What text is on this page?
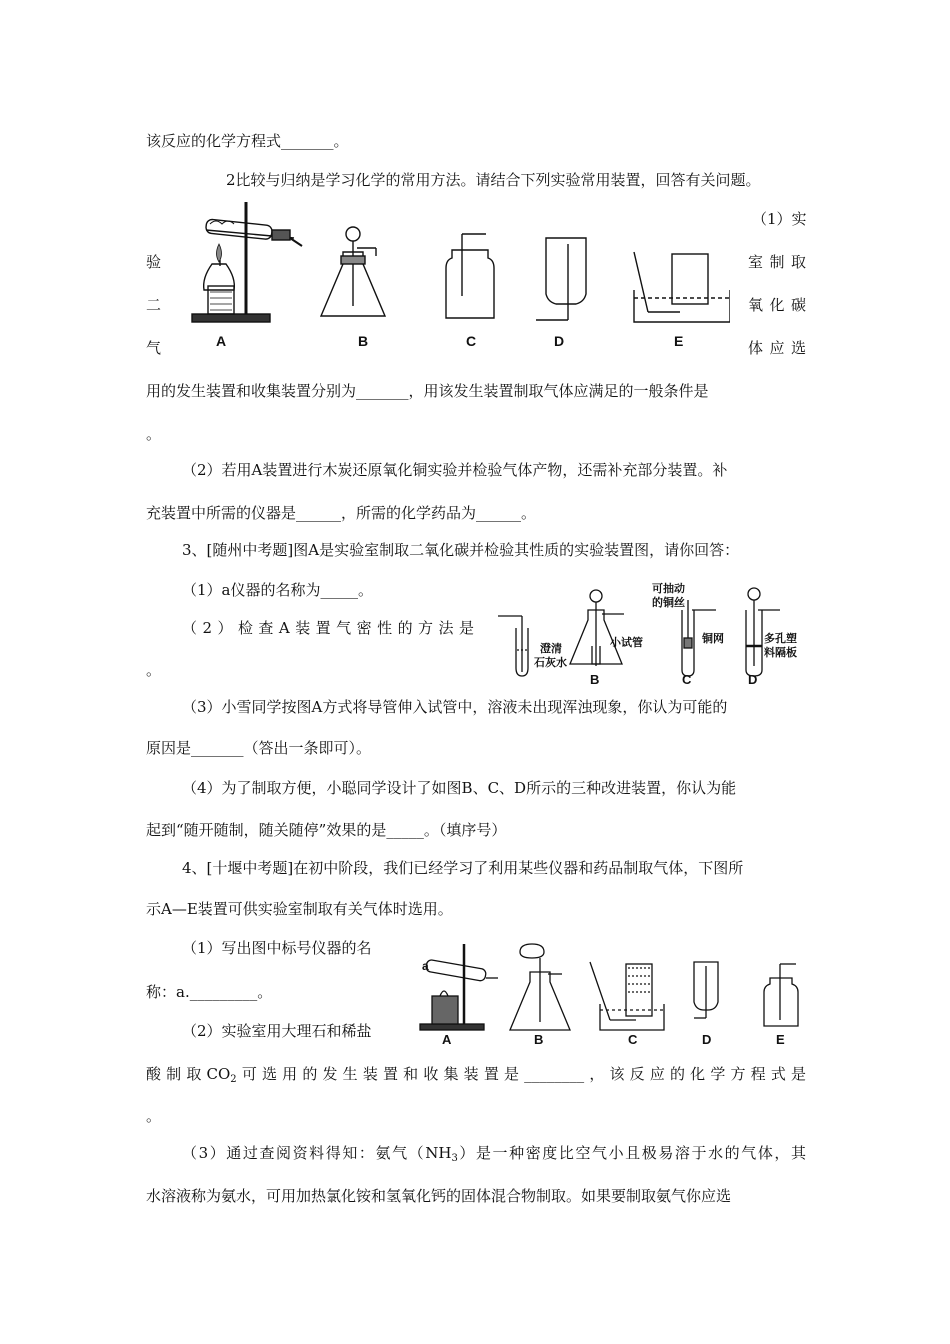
该反应的化学方程式_______。
2比较与归纳是学习化学的常用方法。请结合下列实验常用装置，回答有关问题。
（1）实
验	室制取
二	氧化碳
气	体应选
用的发生装置和收集装置分别为_______，用该发生装置制取气体应满足的一般条件是
。
（2）若用A装置进行木炭还原氧化铜实验并检验气体产物，还需补充部分装置。补
充装置中所需的仪器是______，所需的化学药品为______。
A	B	C	D	E
3、[随州中考题]图A是实验室制取二氧化碳并检验其性质的实验装置图，请你回答：
（1）a仪器的名称为_____。
（2）检查A装置气密性的方法是
。
（3）小雪同学按图A方式将导管伸入试管中，溶液未出现浑浊现象，你认为可能的
原因是_______（答出一条即可）。
（4）为了制取方便，小聪同学设计了如图B、C、D所示的三种改进装置，你认为能
起到“随开随制，随关随停”效果的是_____。（填序号）
澄清
石灰水
小试管
B
可抽动
的铜丝
铜网
C
多孔塑
料隔板
D
4、[十堰中考题]在初中阶段，我们已经学习了利用某些仪器和药品制取气体，下图所
示A—E装置可供实验室制取有关气体时选用。
（1）写出图中标号仪器的名
称：a._________。
（2）实验室用大理石和稀盐
酸制取$CO_2$可选用的发生装置和收集装置是________，该反应的化学方程式是
。
（3）通过查阅资料得知：氨气$(NH_3)$是一种密度比空气小且极易溶于水的气体，其
水溶液称为氨水，可用加热氯化铵和氢氧化钙的固体混合物制取。如果要制取氨气你应选
a
A	B	C	D	E
